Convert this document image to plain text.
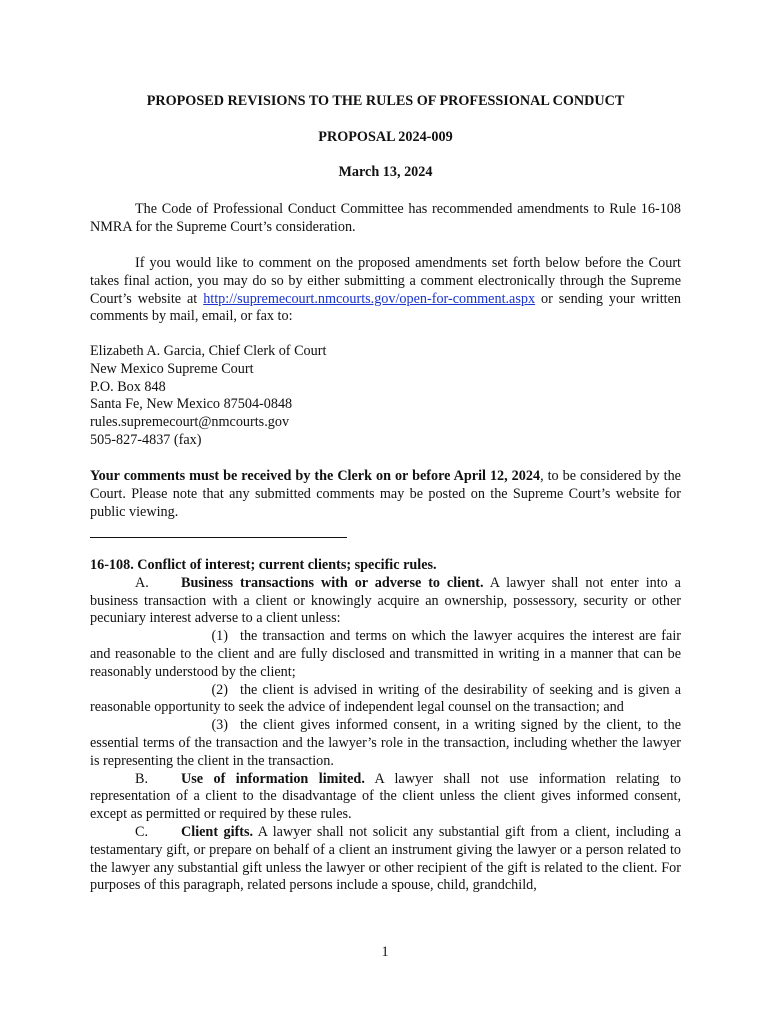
PROPOSED REVISIONS TO THE RULES OF PROFESSIONAL CONDUCT
PROPOSAL 2024-009
March 13, 2024

The Code of Professional Conduct Committee has recommended amendments to Rule 16-108 NMRA for the Supreme Court’s consideration.

If you would like to comment on the proposed amendments set forth below before the Court takes final action, you may do so by either submitting a comment electronically through the Supreme Court’s website at http://supremecourt.nmcourts.gov/open-for-comment.aspx or sending your written comments by mail, email, or fax to:

Elizabeth A. Garcia, Chief Clerk of Court
New Mexico Supreme Court
P.O. Box 848
Santa Fe, New Mexico 87504-0848
rules.supremecourt@nmcourts.gov
505-827-4837 (fax)

Your comments must be received by the Clerk on or before April 12, 2024, to be considered by the Court. Please note that any submitted comments may be posted on the Supreme Court’s website for public viewing.

16-108. Conflict of interest; current clients; specific rules.

A. Business transactions with or adverse to client. A lawyer shall not enter into a business transaction with a client or knowingly acquire an ownership, possessory, security or other pecuniary interest adverse to a client unless:

(1) the transaction and terms on which the lawyer acquires the interest are fair and reasonable to the client and are fully disclosed and transmitted in writing in a manner that can be reasonably understood by the client;

(2) the client is advised in writing of the desirability of seeking and is given a reasonable opportunity to seek the advice of independent legal counsel on the transaction; and

(3) the client gives informed consent, in a writing signed by the client, to the essential terms of the transaction and the lawyer’s role in the transaction, including whether the lawyer is representing the client in the transaction.

B. Use of information limited. A lawyer shall not use information relating to representation of a client to the disadvantage of the client unless the client gives informed consent, except as permitted or required by these rules.

C. Client gifts. A lawyer shall not solicit any substantial gift from a client, including a testamentary gift, or prepare on behalf of a client an instrument giving the lawyer or a person related to the lawyer any substantial gift unless the lawyer or other recipient of the gift is related to the client. For purposes of this paragraph, related persons include a spouse, child, grandchild,

1
